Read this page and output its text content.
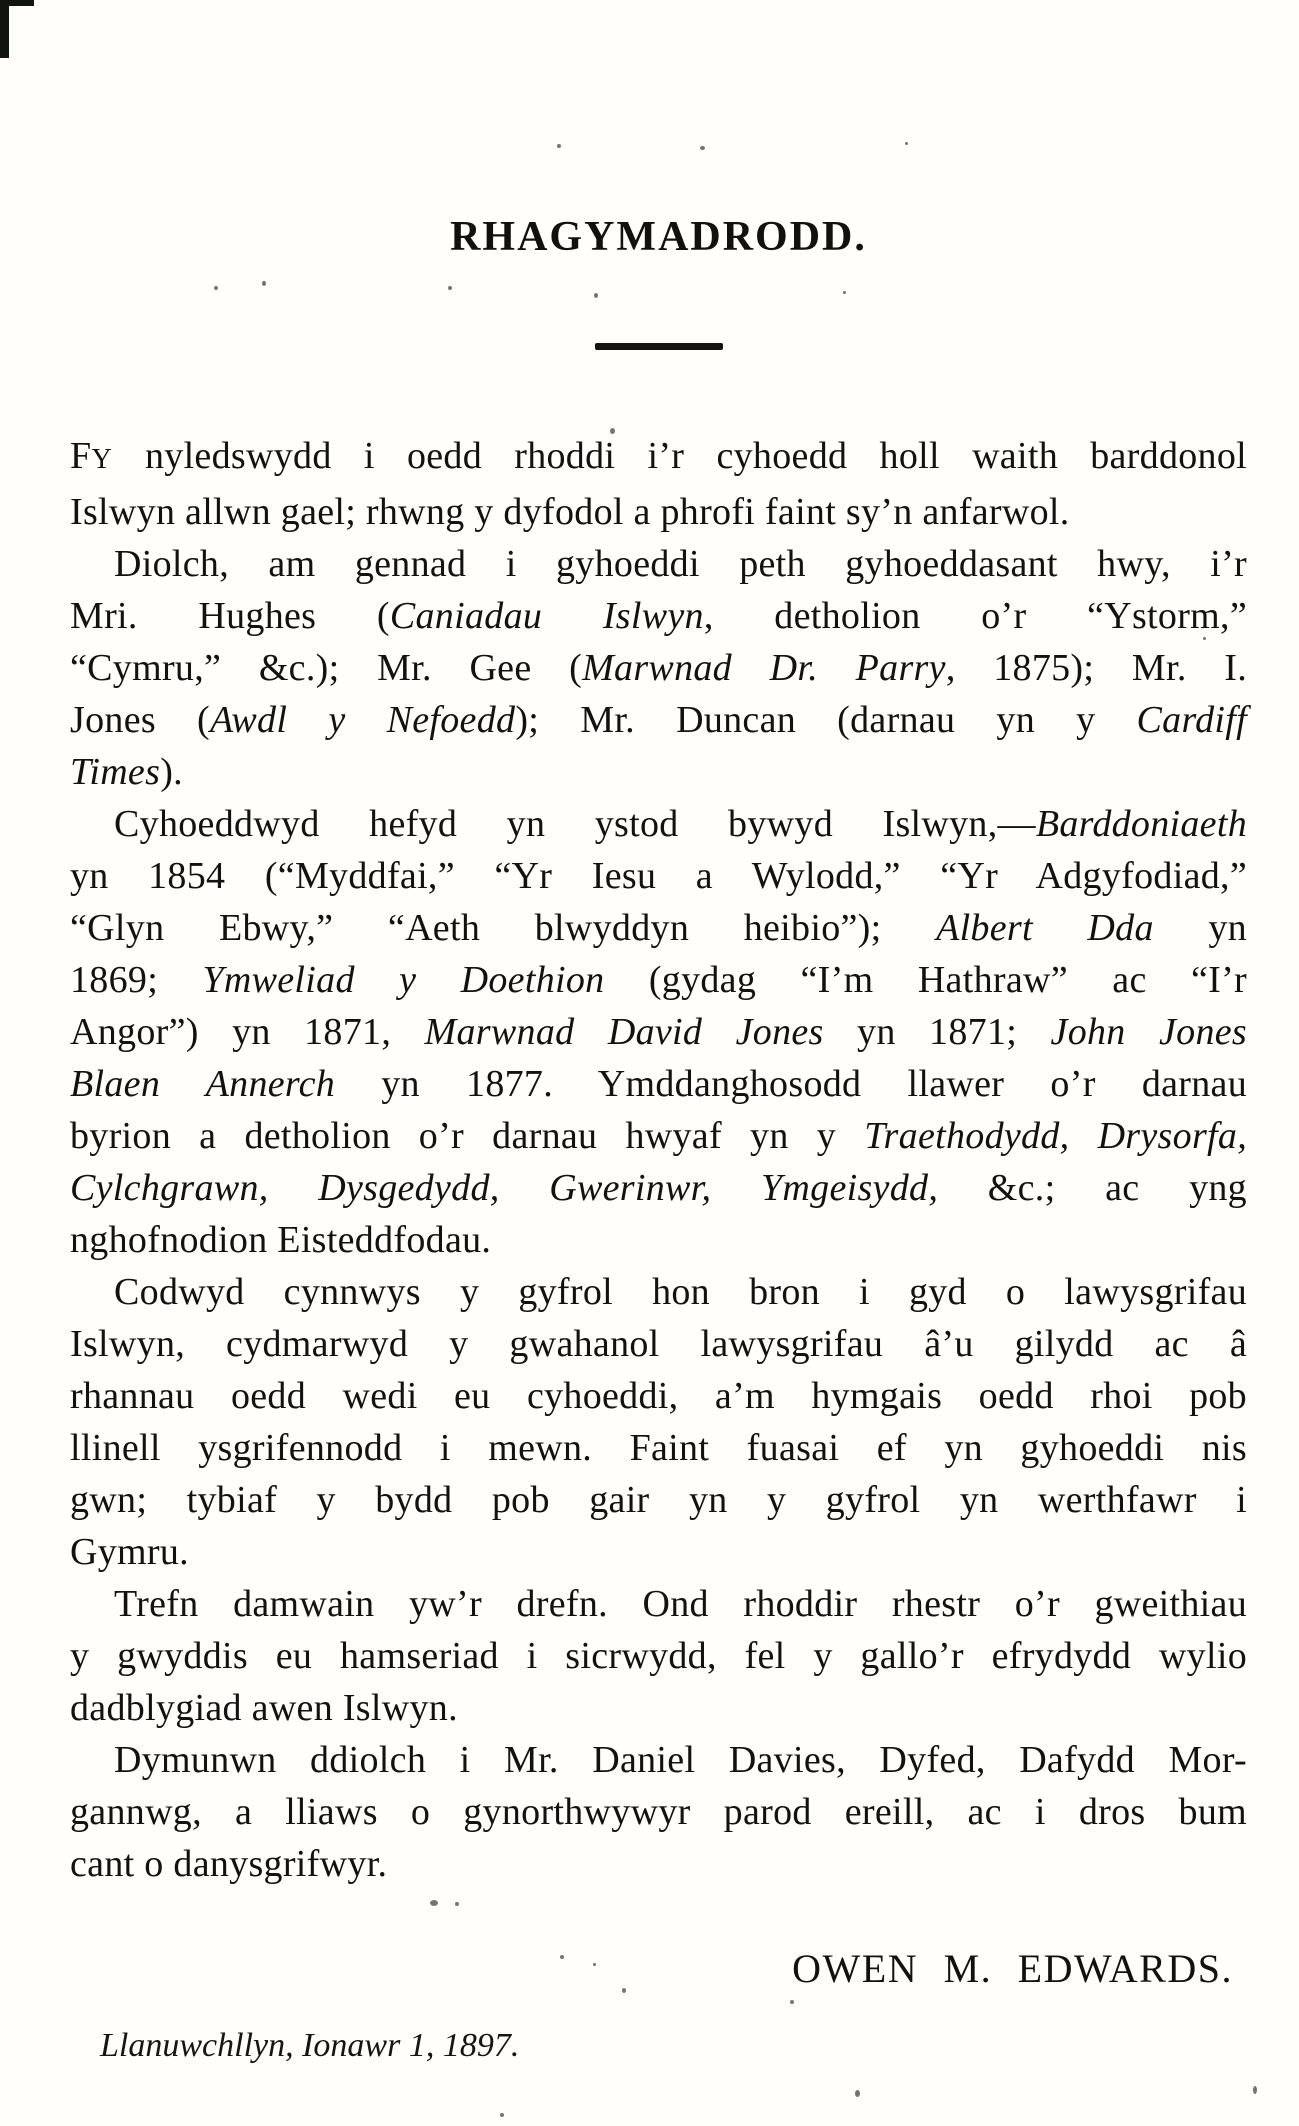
RHAGYMADRODD.
FY nyledswydd i oedd rhoddi i’r cyhoedd holl waith barddonol
Islwyn allwn gael; rhwng y dyfodol a phrofi faint sy’n anfarwol.
Diolch, am gennad i gyhoeddi peth gyhoeddasant hwy, i’r
Mri. Hughes (Caniadau Islwyn, detholion o’r “Ystorm,”
“Cymru,” &c.); Mr. Gee (Marwnad Dr. Parry, 1875); Mr. I.
Jones (Awdl y Nefoedd); Mr. Duncan (darnau yn y Cardiff
Times).
Cyhoeddwyd hefyd yn ystod bywyd Islwyn,—Barddoniaeth
yn 1854 (“Myddfai,” “Yr Iesu a Wylodd,” “Yr Adgyfodiad,”
“Glyn Ebwy,” “Aeth blwyddyn heibio”); Albert Dda yn
1869; Ymweliad y Doethion (gydag “I’m Hathraw” ac “I’r
Angor”) yn 1871, Marwnad David Jones yn 1871; John Jones
Blaen Annerch yn 1877. Ymddanghosodd llawer o’r darnau
byrion a detholion o’r darnau hwyaf yn y Traethodydd, Drysorfa,
Cylchgrawn, Dysgedydd, Gwerinwr, Ymgeisydd, &c.; ac yng
nghofnodion Eisteddfodau.
Codwyd cynnwys y gyfrol hon bron i gyd o lawysgrifau
Islwyn, cydmarwyd y gwahanol lawysgrifau â’u gilydd ac â
rhannau oedd wedi eu cyhoeddi, a’m hymgais oedd rhoi pob
llinell ysgrifennodd i mewn. Faint fuasai ef yn gyhoeddi nis
gwn; tybiaf y bydd pob gair yn y gyfrol yn werthfawr i
Gymru.
Trefn damwain yw’r drefn. Ond rhoddir rhestr o’r gweithiau
y gwyddis eu hamseriad i sicrwydd, fel y gallo’r efrydydd wylio
dadblygiad awen Islwyn.
Dymunwn ddiolch i Mr. Daniel Davies, Dyfed, Dafydd Mor-
gannwg, a lliaws o gynorthwywyr parod ereill, ac i dros bum
cant o danysgrifwyr.
OWEN M. EDWARDS.
Llanuwchllyn, Ionawr 1, 1897.
